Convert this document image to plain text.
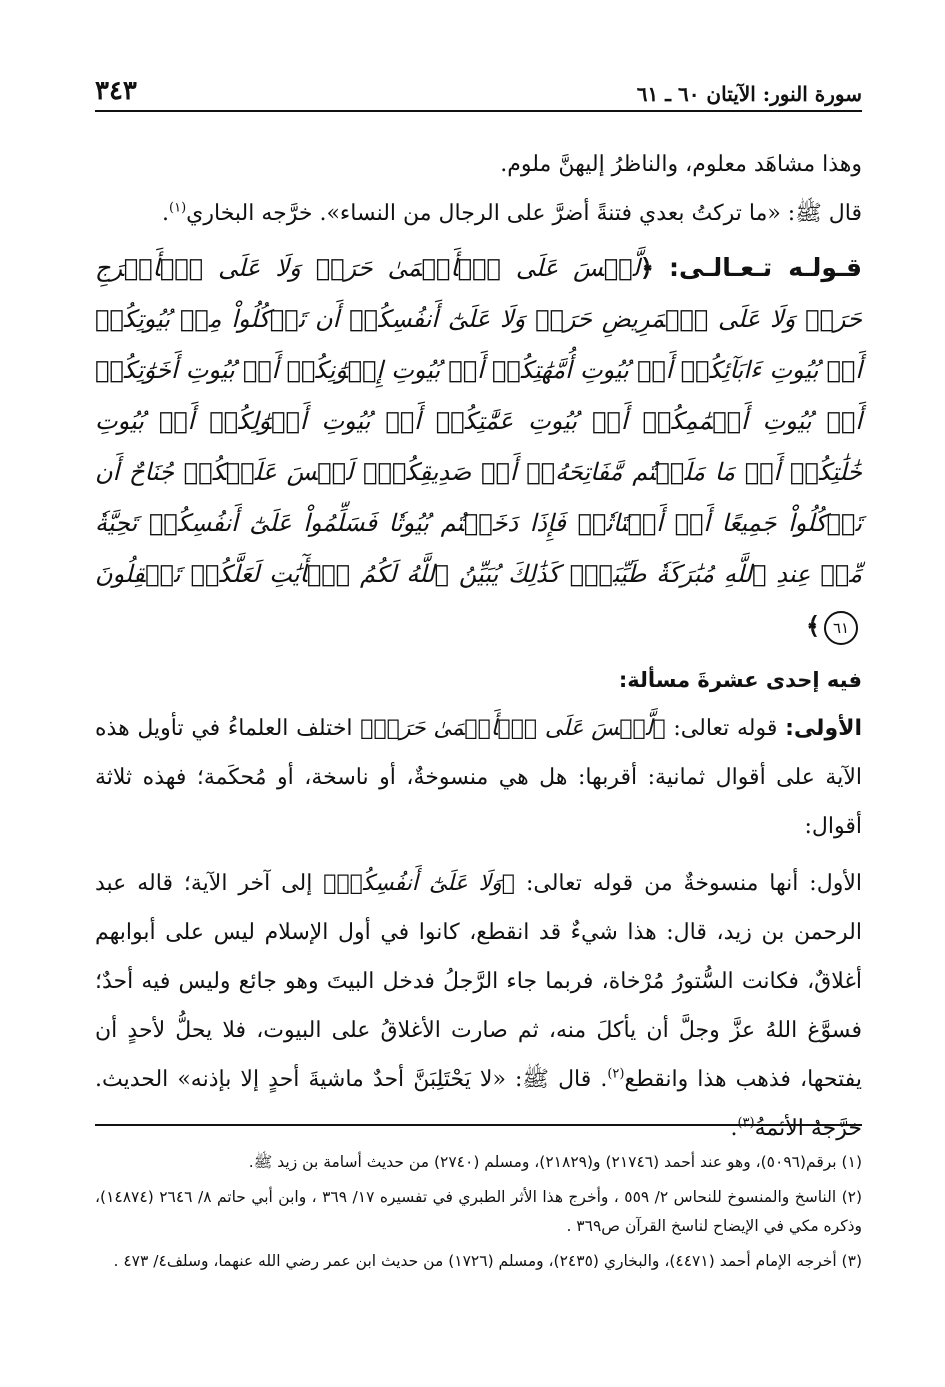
سورة النور: الآيتان ٦٠ ـ ٦١
٣٤٣

وهذا مشاهَد معلوم، والناظرُ إليهنَّ ملوم.

قال ﷺ: «ما تركتُ بعدي فتنةً أضرَّ على الرجال من النساء». خرَّجه البخاري$^{(١)}$.

قـولـه تـعـالـى: ﴿لَّيۡسَ عَلَى ٱلۡأَعۡمَىٰ حَرَجٞ وَلَا عَلَى ٱلۡأَعۡرَجِ حَرَجٞ وَلَا عَلَى ٱلۡمَرِيضِ حَرَجٞ وَلَا عَلَىٰٓ أَنفُسِكُمۡ أَن تَأۡكُلُواْ مِنۢ بُيُوتِكُمۡ أَوۡ بُيُوتِ ءَابَآئِكُمۡ أَوۡ بُيُوتِ أُمَّهَٰتِكُمۡ أَوۡ بُيُوتِ إِخۡوَٰنِكُمۡ أَوۡ بُيُوتِ أَخَوَٰتِكُمۡ أَوۡ بُيُوتِ أَعۡمَٰمِكُمۡ أَوۡ بُيُوتِ عَمَّٰتِكُمۡ أَوۡ بُيُوتِ أَخۡوَٰلِكُمۡ أَوۡ بُيُوتِ خَٰلَٰتِكُمۡ أَوۡ مَا مَلَكۡتُم مَّفَاتِحَهُۥٓ أَوۡ صَدِيقِكُمۡۚ لَيۡسَ عَلَيۡكُمۡ جُنَاحٌ أَن تَأۡكُلُواْ جَمِيعًا أَوۡ أَشۡتَاتٗاۚ فَإِذَا دَخَلۡتُم بُيُوتٗا فَسَلِّمُواْ عَلَىٰٓ أَنفُسِكُمۡ تَحِيَّةٗ مِّنۡ عِندِ ٱللَّهِ مُبَٰرَكَةٗ طَيِّبَةٗۚ كَذَٰلِكَ يُبَيِّنُ ٱللَّهُ لَكُمُ ٱلۡأٓيَٰتِ لَعَلَّكُمۡ تَعۡقِلُونَ ٦١﴾
فيه إحدى عشرةَ مسألة:

الأولى: قوله تعالى: ﴿لَّيۡسَ عَلَى ٱلۡأَعۡمَىٰ حَرَجٞ﴾ اختلف العلماءُ في تأويل هذه الآية على أقوال ثمانية: أقربها: هل هي منسوخةٌ، أو ناسخة، أو مُحكَمة؛ فهذه ثلاثة أقوال:

الأول: أنها منسوخةٌ من قوله تعالى: ﴿وَلَا عَلَىٰٓ أَنفُسِكُمۡ﴾ إلى آخر الآية؛ قاله عبد الرحمن بن زيد، قال: هذا شيءٌ قد انقطع، كانوا في أول الإسلام ليس على أبوابهم أغلاقٌ، فكانت السُّتورُ مُرْخاة، فربما جاء الرَّجلُ فدخل البيتَ وهو جائع وليس فيه أحدٌ؛ فسوَّغ اللهُ عزَّ وجلَّ أن يأكلَ منه، ثم صارت الأغلاقُ على البيوت، فلا يحلُّ لأحدٍ أن يفتحها، فذهب هذا وانقطع$^{(٢)}$. قال ﷺ: «لا يَحْتَلِبَنَّ أحدٌ ماشيةَ أحدٍ إلا بإذنه» الحديث. خرَّجهُ الأئمةُ$^{(٣)}$.

(١) برقم(٥٠٩٦)، وهو عند أحمد (٢١٧٤٦) و(٢١٨٢٩)، ومسلم (٢٧٤٠) من حديث أسامة بن زيد ﷺ.

(٢) الناسخ والمنسوخ للنحاس ٢/ ٥٥٩ ، وأخرج هذا الأثر الطبري في تفسيره ١٧/ ٣٦٩ ، وابن أبي حاتم ٨/ ٢٦٤٦ (١٤٨٧٤)، وذكره مكي في الإيضاح لناسخ القرآن ص٣٦٩ .

(٣) أخرجه الإمام أحمد (٤٤٧١)، والبخاري (٢٤٣٥)، ومسلم (١٧٢٦) من حديث ابن عمر رضي الله عنهما، وسلف٤/ ٤٧٣ .
